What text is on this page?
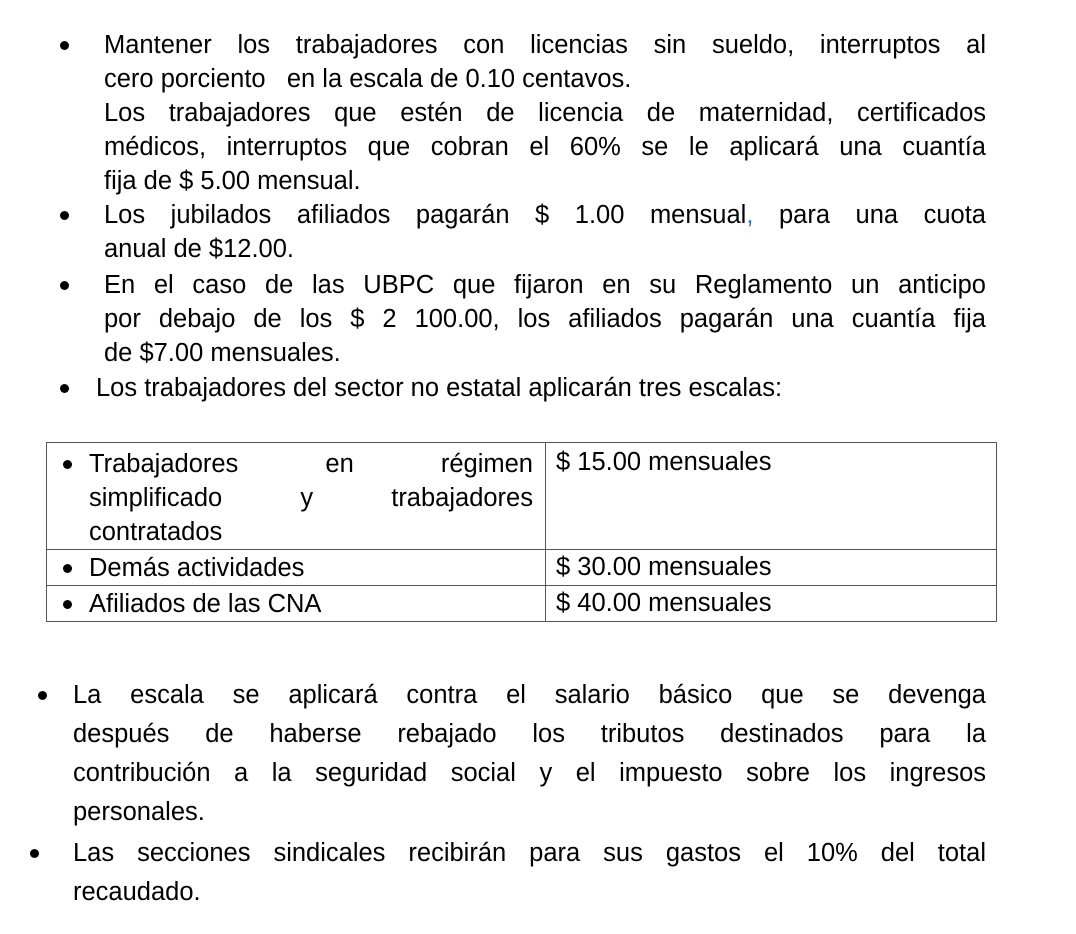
Mantener los trabajadores con licencias sin sueldo, interruptos al
cero porciento   en la escala de 0.10 centavos.
Los trabajadores que estén de licencia de maternidad, certificados
médicos, interruptos que cobran el 60% se le aplicará una cuantía
fija de $ 5.00 mensual.
Los jubilados afiliados pagarán $ 1.00 mensual, para una cuota
anual de $12.00.
En el caso de las UBPC que fijaron en su Reglamento un anticipo
por debajo de los $ 2 100.00, los afiliados pagarán una cuantía fija
de $7.00 mensuales.
Los trabajadores del sector no estatal aplicarán tres escalas:
Trabajadores en régimen
simplificado y trabajadores
contratados	$ 15.00 mensuales

Demás actividades	$ 30.00 mensuales

Afiliados de las CNA	$ 40.00 mensuales
La escala se aplicará contra el salario básico que se devenga
después de haberse rebajado los tributos destinados para la
contribución a la seguridad social y el impuesto sobre los ingresos
personales.
Las secciones sindicales recibirán para sus gastos el 10% del total
recaudado.
